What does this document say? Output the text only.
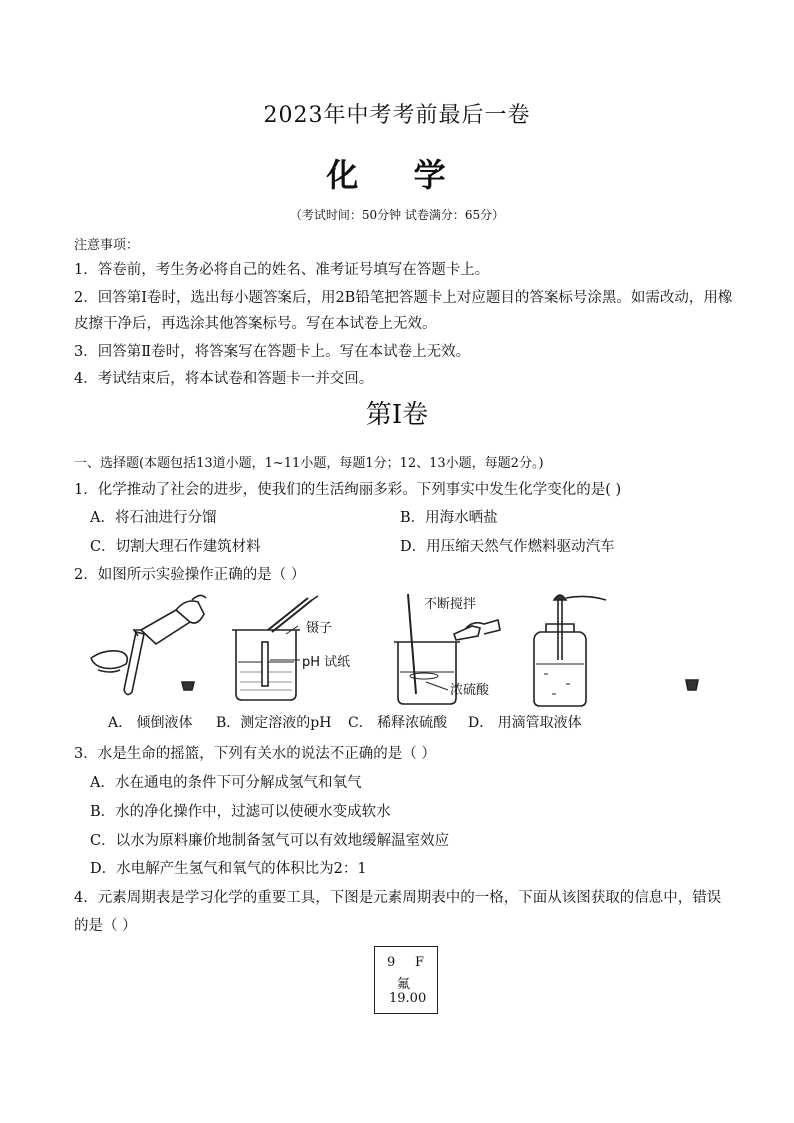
2023年中考考前最后一卷
化 学
（考试时间：50分钟 试卷满分：65分）
注意事项：
1．答卷前，考生务必将自己的姓名、准考证号填写在答题卡上。
2．回答第Ⅰ卷时，选出每小题答案后，用2B铅笔把答题卡上对应题目的答案标号涂黑。如需改动，用橡
皮擦干净后，再选涂其他答案标号。写在本试卷上无效。
3．回答第Ⅱ卷时，将答案写在答题卡上。写在本试卷上无效。
4．考试结束后，将本试卷和答题卡一并交回。
第Ⅰ卷
一、选择题(本题包括13道小题，1~11小题，每题1分；12、13小题，每题2分。)
1．化学推动了社会的进步，使我们的生活绚丽多彩。下列事实中发生化学变化的是( )
A．将石油进行分馏	B．用海水晒盐
C．切割大理石作建筑材料	D．用压缩天然气作燃料驱动汽车
2．如图所示实验操作正确的是（ ）
镊子
pH 试纸
不断搅拌
浓硫酸
A． 倾倒液体 B．测定溶液的pH C． 稀释浓硫酸 D． 用滴管取液体
3．水是生命的摇篮，下列有关水的说法不正确的是（ ）
A．水在通电的条件下可分解成氢气和氧气
B．水的净化操作中，过滤可以使硬水变成软水
C．以水为原料廉价地制备氢气可以有效地缓解温室效应
D．水电解产生氢气和氧气的体积比为2：1
4．元素周期表是学习化学的重要工具，下图是元素周期表中的一格，下面从该图获取的信息中，错误
的是（ ）
9 F
氟
19.00
